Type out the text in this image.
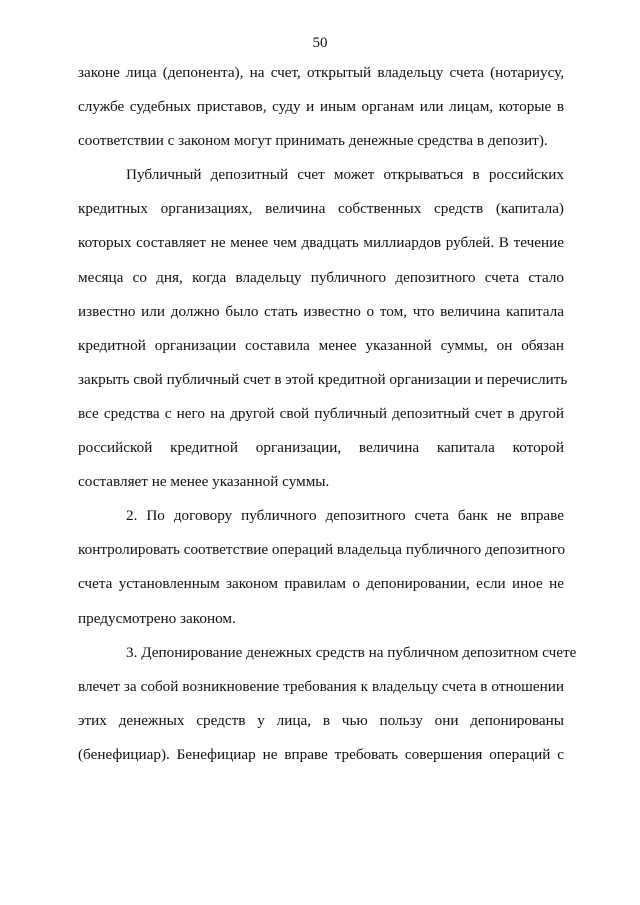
50
законе лица (депонента), на счет, открытый владельцу счета (нотариусу,
службе судебных приставов, суду и иным органам или лицам, которые в
соответствии с законом могут принимать денежные средства в депозит).
Публичный депозитный счет может открываться в российских
кредитных организациях, величина собственных средств (капитала)
которых составляет не менее чем двадцать миллиардов рублей. В течение
месяца со дня, когда владельцу публичного депозитного счета стало
известно или должно было стать известно о том, что величина капитала
кредитной организации составила менее указанной суммы, он обязан
закрыть свой публичный счет в этой кредитной организации и перечислить
все средства с него на другой свой публичный депозитный счет в другой
российской кредитной организации, величина капитала которой
составляет не менее указанной суммы.
2. По договору публичного депозитного счета банк не вправе
контролировать соответствие операций владельца публичного депозитного
счета установленным законом правилам о депонировании, если иное не
предусмотрено законом.
3. Депонирование денежных средств на публичном депозитном счете
влечет за собой возникновение требования к владельцу счета в отношении
этих денежных средств у лица, в чью пользу они депонированы
(бенефициар). Бенефициар не вправе требовать совершения операций с
